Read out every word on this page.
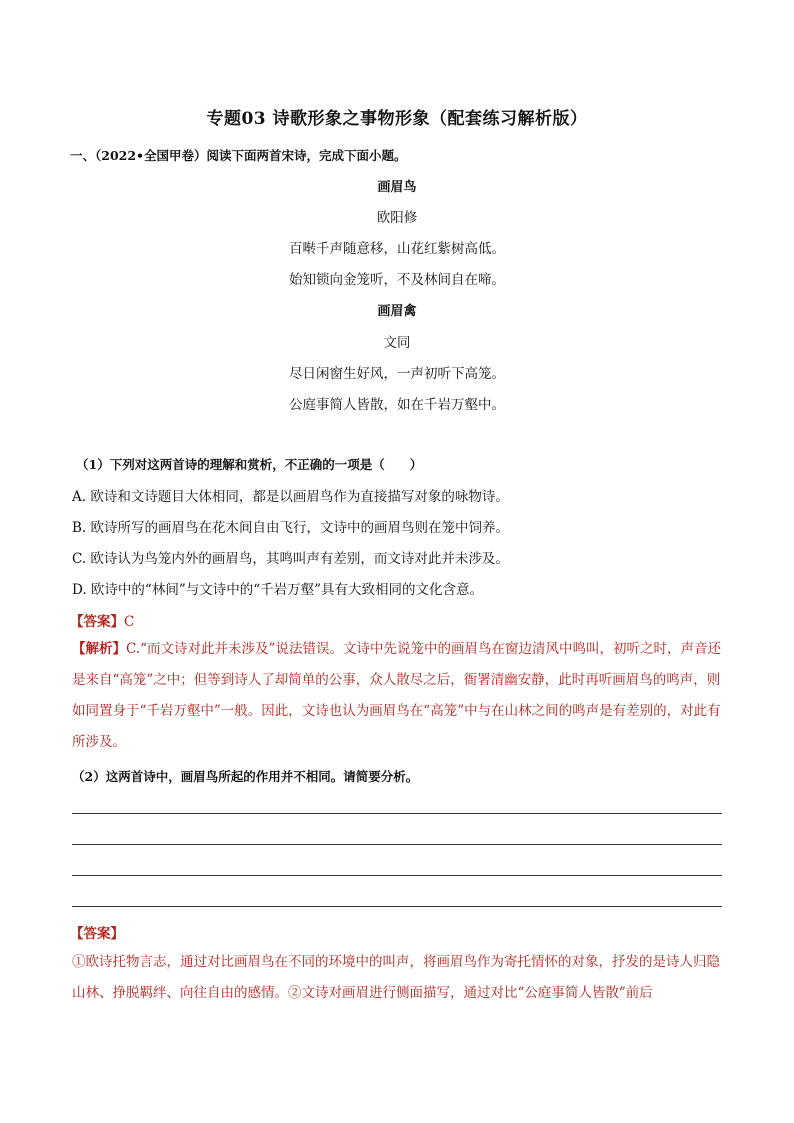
专题03 诗歌形象之事物形象（配套练习解析版）
一、（2022•全国甲卷）阅读下面两首宋诗，完成下面小题。
画眉鸟
欧阳修
百啭千声随意移，山花红紫树高低。
始知锁向金笼听，不及林间自在啼。
画眉禽
文同
尽日闲窗生好风，一声初听下高笼。
公庭事简人皆散，如在千岩万壑中。
（1）下列对这两首诗的理解和赏析，不正确的一项是（　　）
A. 欧诗和文诗题目大体相同，都是以画眉鸟作为直接描写对象的咏物诗。
B. 欧诗所写的画眉鸟在花木间自由飞行，文诗中的画眉鸟则在笼中饲养。
C. 欧诗认为鸟笼内外的画眉鸟，其鸣叫声有差别，而文诗对此并未涉及。
D. 欧诗中的“林间”与文诗中的“千岩万壑”具有大致相同的文化含意。
【答案】C
【解析】C.“而文诗对此并未涉及”说法错误。文诗中先说笼中的画眉鸟在窗边清风中鸣叫，初听之时，声音还是来自“高笼”之中；但等到诗人了却简单的公事，众人散尽之后，衙署清幽安静，此时再听画眉鸟的鸣声，则如同置身于“千岩万壑中”一般。因此，文诗也认为画眉鸟在“高笼”中与在山林之间的鸣声是有差别的，对此有所涉及。
（2）这两首诗中，画眉鸟所起的作用并不相同。请简要分析。
【答案】
①欧诗托物言志，通过对比画眉鸟在不同的环境中的叫声，将画眉鸟作为寄托情怀的对象，抒发的是诗人归隐山林、挣脱羁绊、向往自由的感情。②文诗对画眉进行侧面描写，通过对比“公庭事简人皆散”前后
